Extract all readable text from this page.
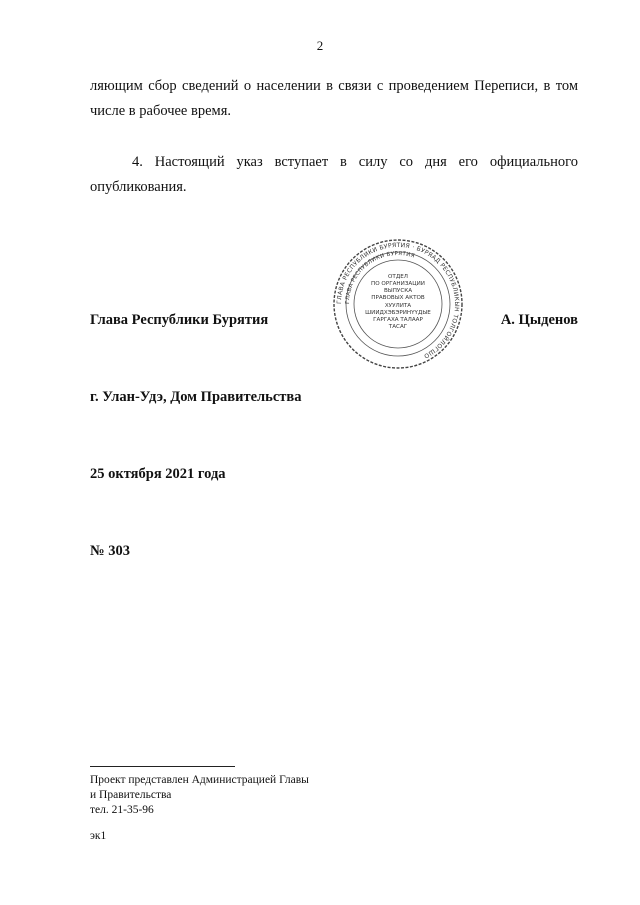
2
ляющим сбор сведений о населении в связи с проведением Переписи, в том числе в рабочее время.
4. Настоящий указ вступает в силу со дня его официального опубликования.
Глава Республики Бурятия	А. Цыденов
ГЛАВА РЕСПУБЛИКИ БУРЯТИЯ · БУРЯАД РЕСПУБЛИКЫН ТОЛГОЙЛОГШО
ГЛАВА РЕСПУБЛИКИ БУРЯТИЯ
ОТДЕЛ
ПО ОРГАНИЗАЦИИ
ВЫПУСКА
ПРАВОВЫХ АКТОВ
ХУУЛИТА
ШИИДХЭБЭРИНҮҮДЫЕ
ГАРГАХА ТАЛААР
ТАСАГ
г. Улан-Удэ, Дом Правительства
25 октября 2021 года
№ 303
Проект представлен Администрацией Главы
и Правительства
тел. 21-35-96
эк1
